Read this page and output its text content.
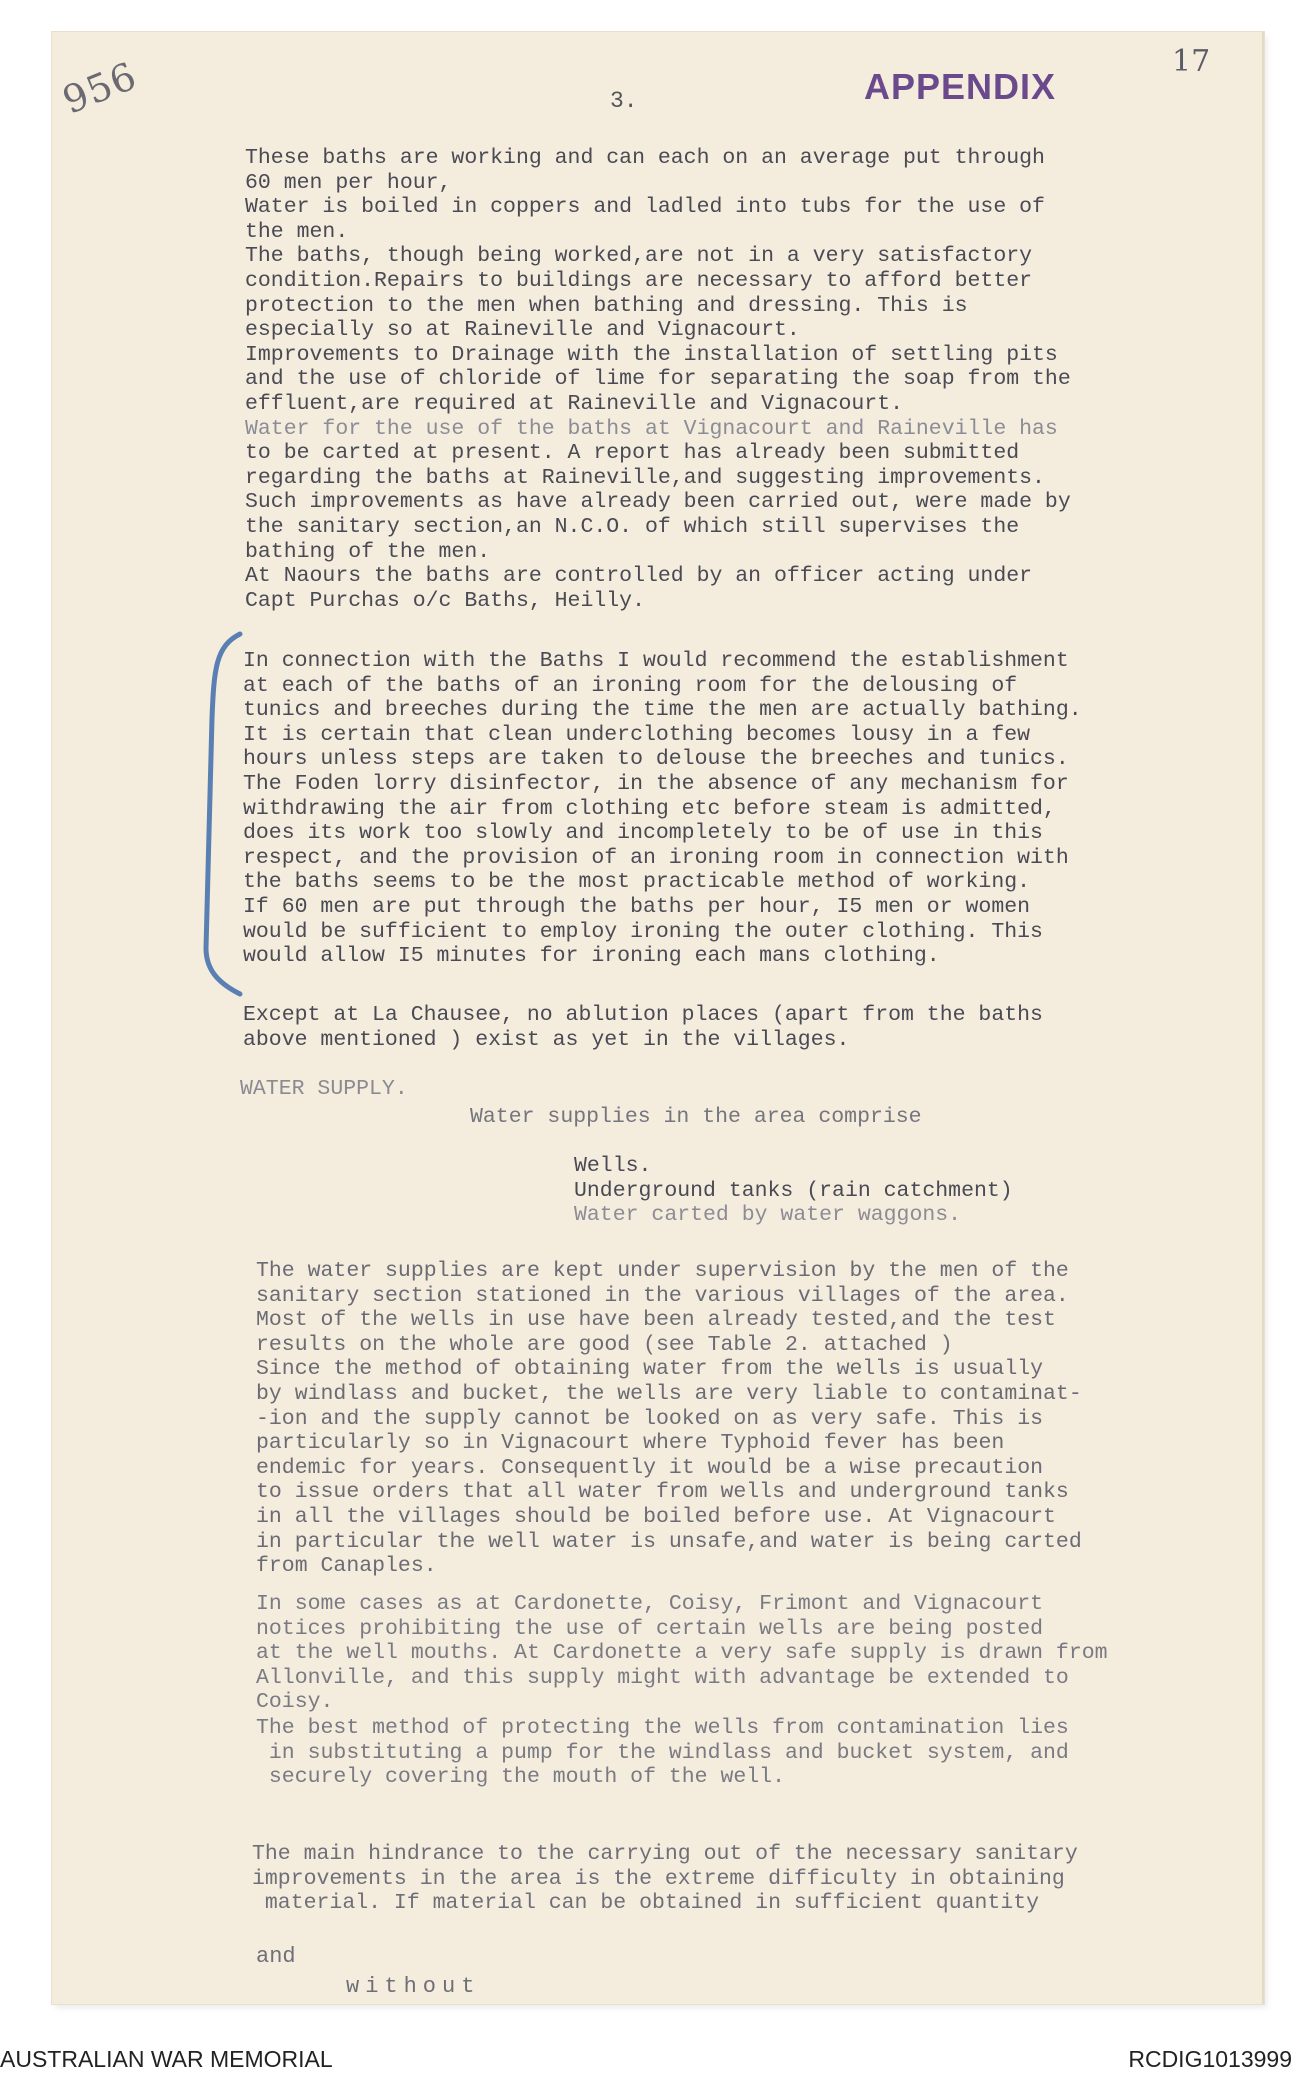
956	17
APPENDIX
3.
These baths are working and can each on an average put through
60 men per hour,
Water is boiled in coppers and ladled into tubs for the use of
the men.
The baths, though being worked,are not in a very satisfactory
condition.Repairs to buildings are necessary to afford better
protection to the men when bathing and dressing. This is
especially so at Raineville and Vignacourt.
Improvements to Drainage with the installation of settling pits
and the use of chloride of lime for separating the soap from the
effluent,are required at Raineville and Vignacourt.
Water for the use of the baths at Vignacourt and Raineville has
to be carted at present. A report has already been submitted
regarding the baths at Raineville,and suggesting improvements.
Such improvements as have already been carried out, were made by
the sanitary section,an N.C.O. of which still supervises the
bathing of the men.
At Naours the baths are controlled by an officer acting under
Capt Purchas o/c Baths, Heilly.
In connection with the Baths I would recommend the establishment
at each of the baths of an ironing room for the delousing of
tunics and breeches during the time the men are actually bathing.
It is certain that clean underclothing becomes lousy in a few
hours unless steps are taken to delouse the breeches and tunics.
The Foden lorry disinfector, in the absence of any mechanism for
withdrawing the air from clothing etc before steam is admitted,
does its work too slowly and incompletely to be of use in this
respect, and the provision of an ironing room in connection with
the baths seems to be the most practicable method of working.
If 60 men are put through the baths per hour, I5 men or women
would be sufficient to employ ironing the outer clothing. This
would allow I5 minutes for ironing each mans clothing.
Except at La Chausee, no ablution places (apart from the baths
above mentioned ) exist as yet in the villages.
WATER SUPPLY.
Water supplies in the area comprise
Wells.
Underground tanks (rain catchment)
Water carted by water waggons.
The water supplies are kept under supervision by the men of the
sanitary section stationed in the various villages of the area.
Most of the wells in use have been already tested,and the test
results on the whole are good (see Table 2. attached )
Since the method of obtaining water from the wells is usually
by windlass and bucket, the wells are very liable to contaminat-
-ion and the supply cannot be looked on as very safe. This is
particularly so in Vignacourt where Typhoid fever has been
endemic for years. Consequently it would be a wise precaution
to issue orders that all water from wells and underground tanks
in all the villages should be boiled before use. At Vignacourt
in particular the well water is unsafe,and water is being carted
from Canaples.
In some cases as at Cardonette, Coisy, Frimont and Vignacourt
notices prohibiting the use of certain wells are being posted
at the well mouths. At Cardonette a very safe supply is drawn from
Allonville, and this supply might with advantage be extended to
Coisy.
The best method of protecting the wells from contamination lies
in substituting a pump for the windlass and bucket system, and
securely covering the mouth of the well.
The main hindrance to the carrying out of the necessary sanitary
improvements in the area is the extreme difficulty in obtaining
material. If material can be obtained in sufficient quantity
and
without
AUSTRALIAN WAR MEMORIAL	RCDIG1013999
